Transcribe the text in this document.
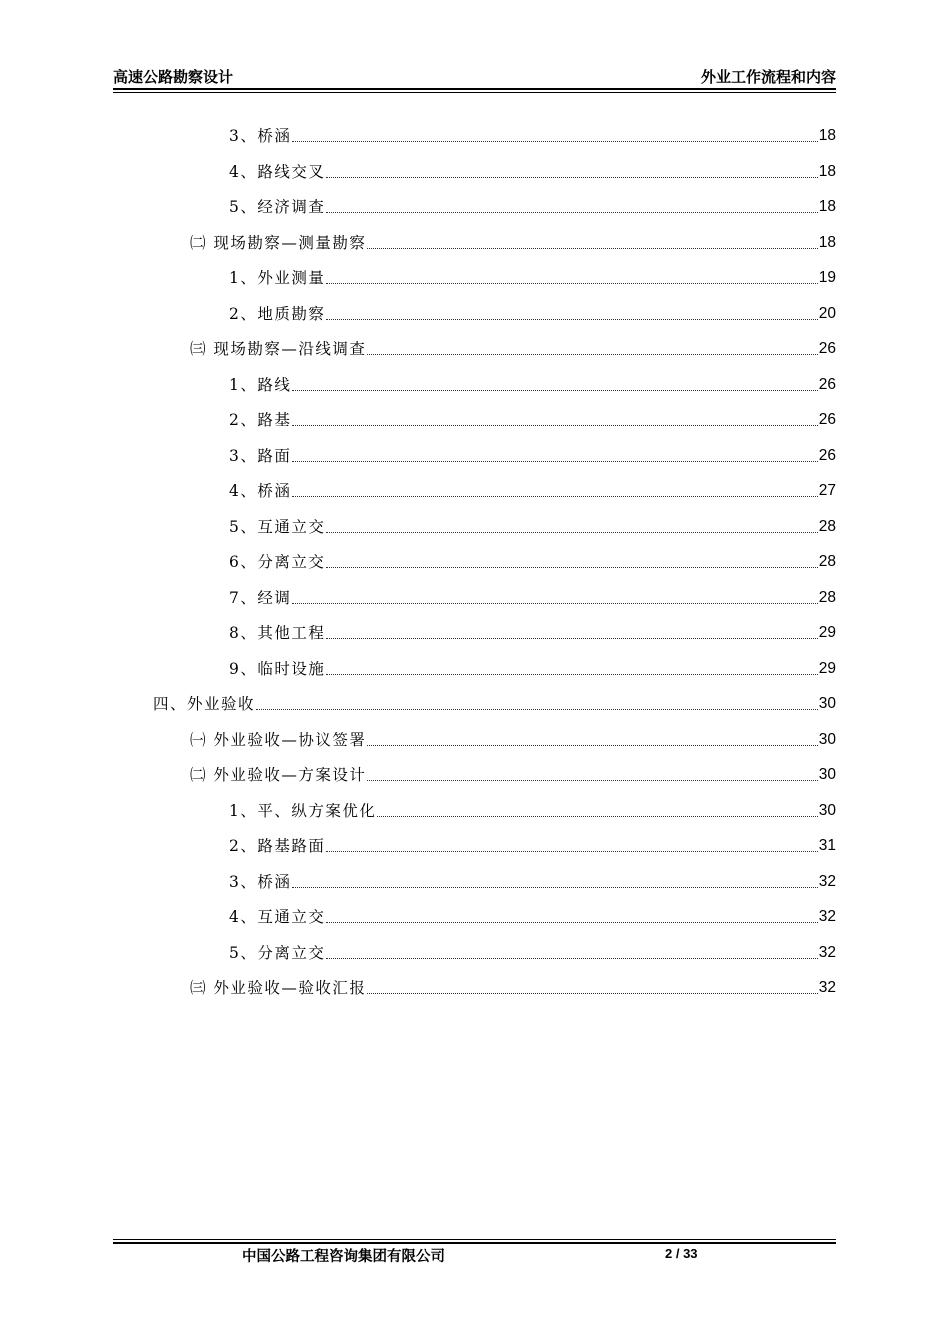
高速公路勘察设计	外业工作流程和内容
3、桥涵	18
4、路线交叉	18
5、经济调查	18
㈡ 现场勘察—测量勘察	18
1、外业测量	19
2、地质勘察	20
㈢ 现场勘察—沿线调查	26
1、路线	26
2、路基	26
3、路面	26
4、桥涵	27
5、互通立交	28
6、分离立交	28
7、经调	28
8、其他工程	29
9、临时设施	29
四、外业验收	30
㈠ 外业验收—协议签署	30
㈡ 外业验收—方案设计	30
1、平、纵方案优化	30
2、路基路面	31
3、桥涵	32
4、互通立交	32
5、分离立交	32
㈢ 外业验收—验收汇报	32
中国公路工程咨询集团有限公司	2 / 33
